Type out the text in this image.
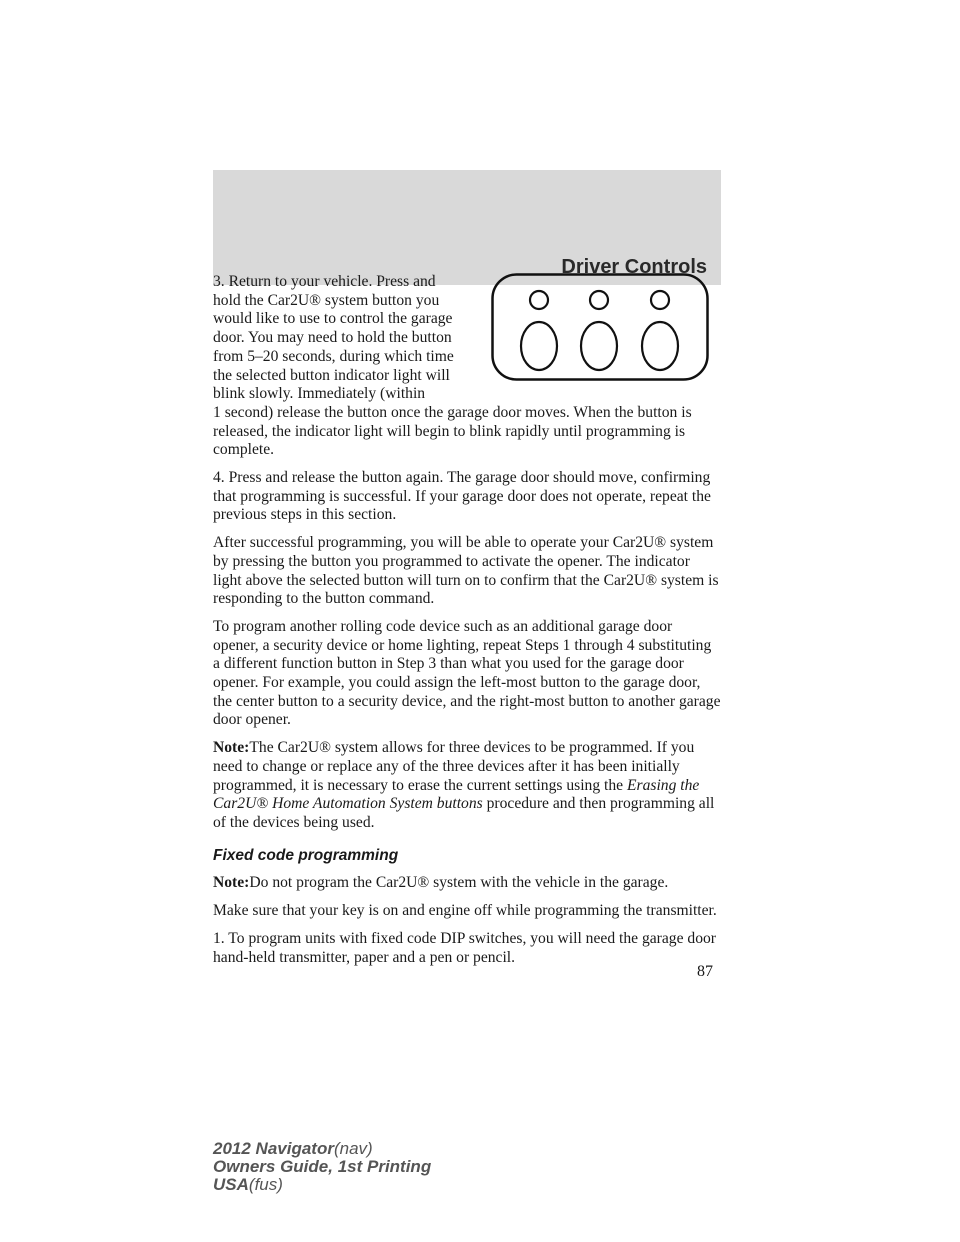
Driver Controls

3. Return to your vehicle. Press and hold the Car2U® system button you would like to use to control the garage door. You may need to hold the button from 5–20 seconds, during which time the selected button indicator light will blink slowly. Immediately (within

1 second) release the button once the garage door moves. When the button is released, the indicator light will begin to blink rapidly until programming is complete.

4. Press and release the button again. The garage door should move, confirming that programming is successful. If your garage door does not operate, repeat the previous steps in this section.

After successful programming, you will be able to operate your Car2U® system by pressing the button you programmed to activate the opener. The indicator light above the selected button will turn on to confirm that the Car2U® system is responding to the button command.

To program another rolling code device such as an additional garage door opener, a security device or home lighting, repeat Steps 1 through 4 substituting a different function button in Step 3 than what you used for the garage door opener. For example, you could assign the left-most button to the garage door, the center button to a security device, and the right-most button to another garage door opener.

Note:The Car2U® system allows for three devices to be programmed. If you need to change or replace any of the three devices after it has been initially programmed, it is necessary to erase the current settings using the Erasing the Car2U® Home Automation System buttons procedure and then programming all of the devices being used.

Fixed code programming

Note:Do not program the Car2U® system with the vehicle in the garage.

Make sure that your key is on and engine off while programming the transmitter.

1. To program units with fixed code DIP switches, you will need the garage door hand-held transmitter, paper and a pen or pencil.

87
2012 Navigator(nav)
Owners Guide, 1st Printing
USA(fus)
